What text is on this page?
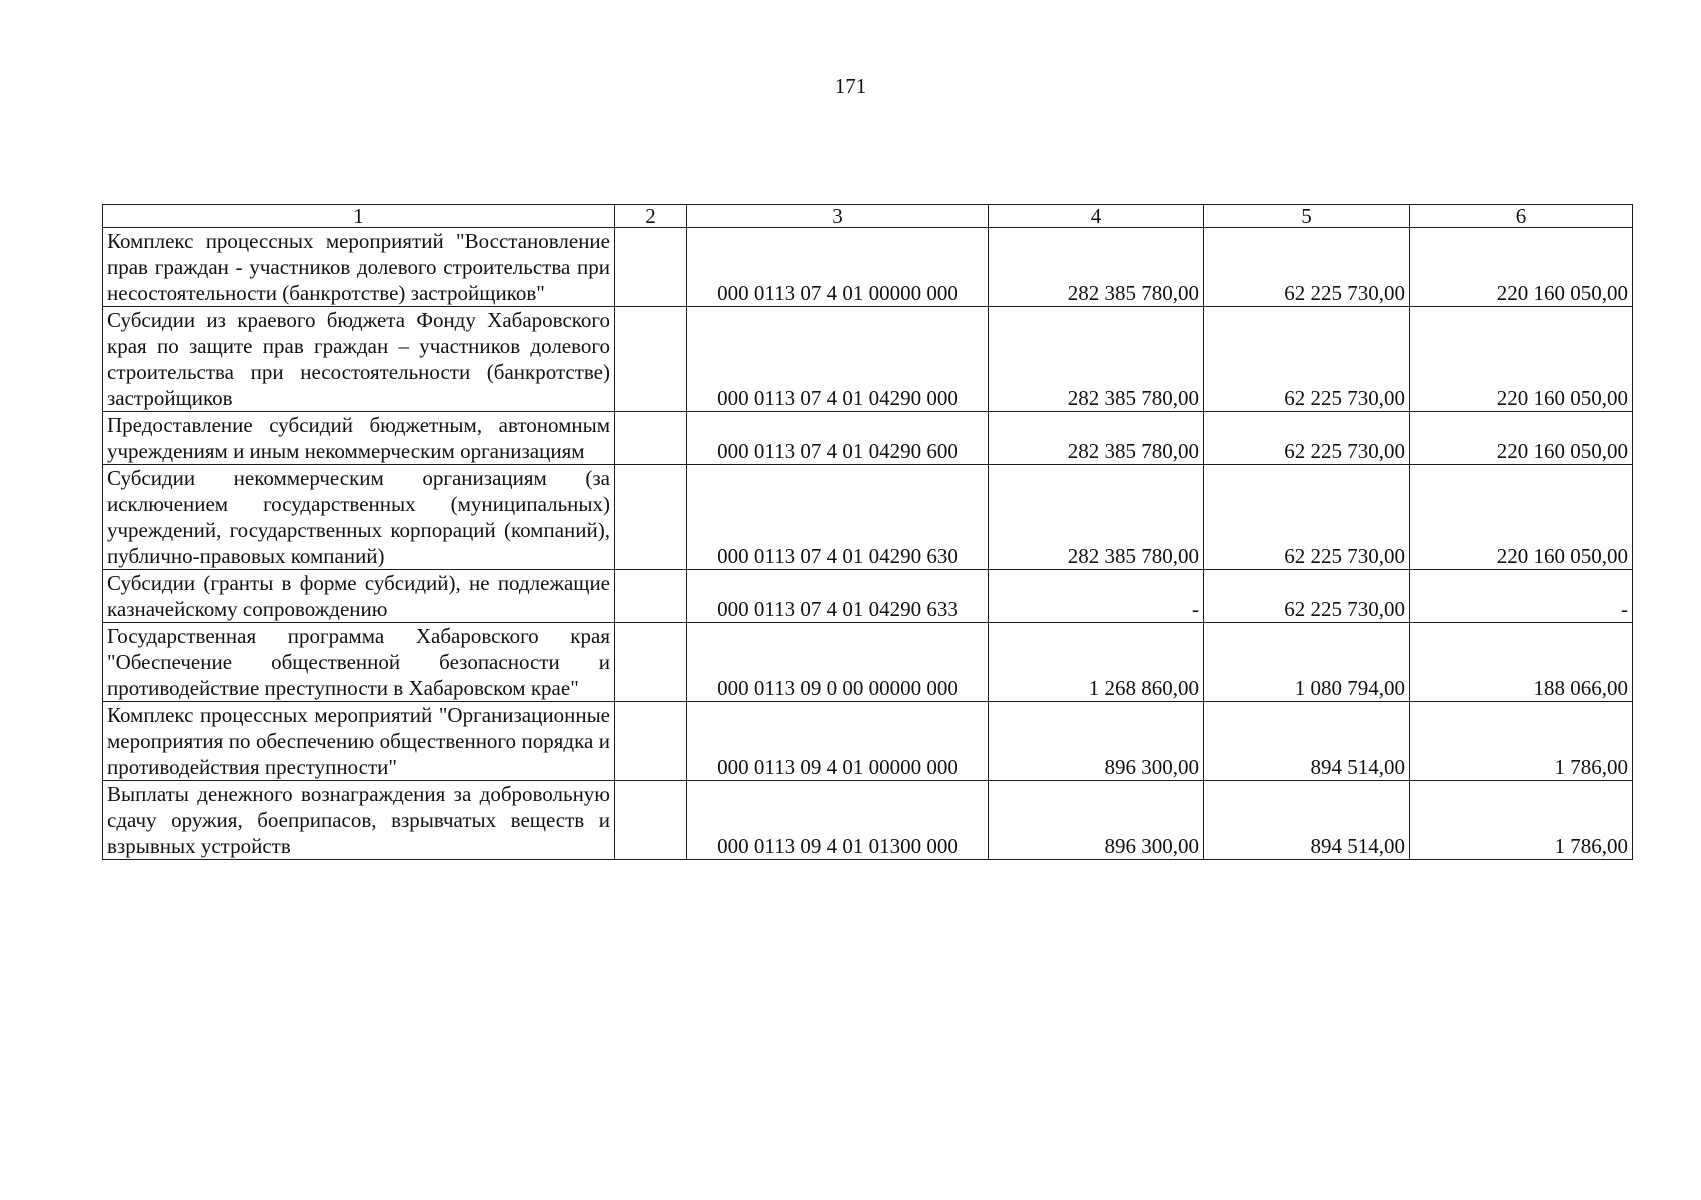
171
1	2	3	4	5	6
Комплекс процессных мероприятий "Восстановление прав граждан - участников долевого строительства при несостоятельности (банкротстве) застройщиков"		000 0113 07 4 01 00000 000	282 385 780,00	62 225 730,00	220 160 050,00
Субсидии из краевого бюджета Фонду Хабаровского края по защите прав граждан – участников долевого строительства при несостоятельности (банкротстве) застройщиков		000 0113 07 4 01 04290 000	282 385 780,00	62 225 730,00	220 160 050,00
Предоставление субсидий бюджетным, автономным учреждениям и иным некоммерческим организациям		000 0113 07 4 01 04290 600	282 385 780,00	62 225 730,00	220 160 050,00
Субсидии некоммерческим организациям (за исключением государственных (муниципальных) учреждений, государственных корпораций (компаний), публично-правовых компаний)		000 0113 07 4 01 04290 630	282 385 780,00	62 225 730,00	220 160 050,00
Субсидии (гранты в форме субсидий), не подлежащие казначейскому сопровождению		000 0113 07 4 01 04290 633	-	62 225 730,00	-
Государственная программа Хабаровского края "Обеспечение общественной безопасности и противодействие преступности в Хабаровском крае"		000 0113 09 0 00 00000 000	1 268 860,00	1 080 794,00	188 066,00
Комплекс процессных мероприятий "Организационные мероприятия по обеспечению общественного порядка и противодействия преступности"		000 0113 09 4 01 00000 000	896 300,00	894 514,00	1 786,00
Выплаты денежного вознаграждения за добровольную сдачу оружия, боеприпасов, взрывчатых веществ и взрывных устройств		000 0113 09 4 01 01300 000	896 300,00	894 514,00	1 786,00
